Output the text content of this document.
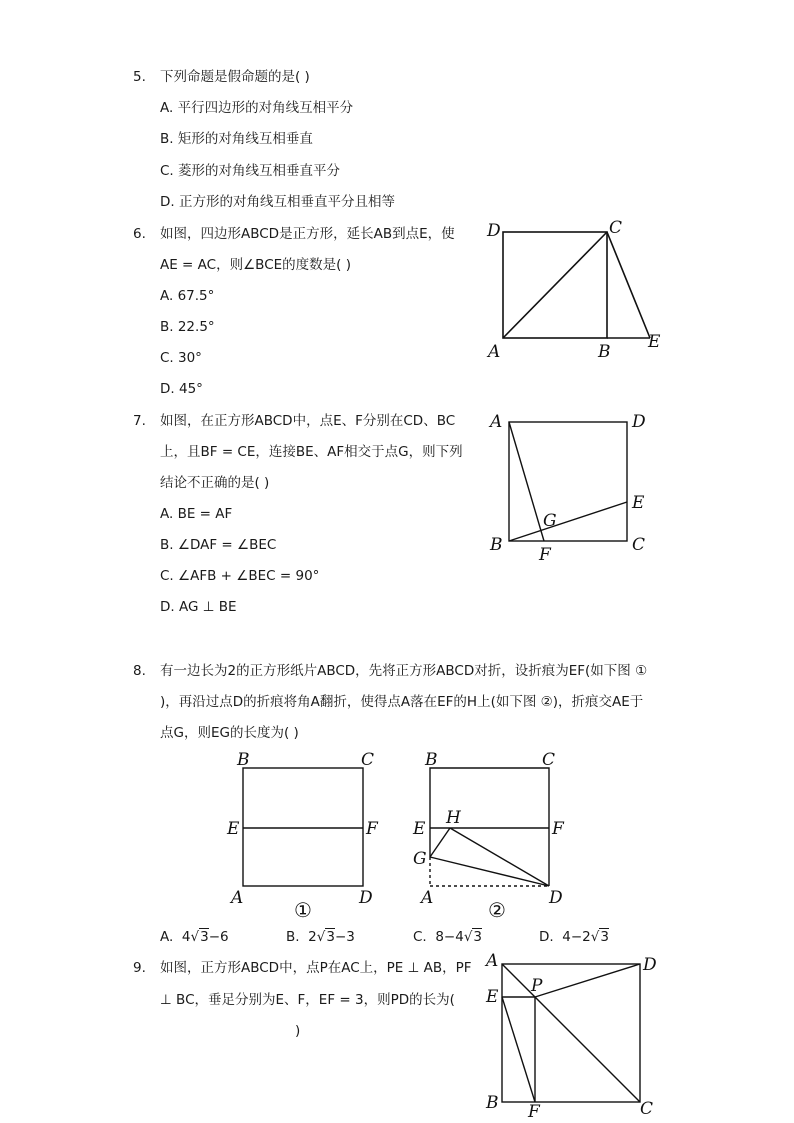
5. 下列命题是假命题的是( )
A. 平行四边形的对角线互相平分
B. 矩形的对角线互相垂直
C. 菱形的对角线互相垂直平分
D. 正方形的对角线互相垂直平分且相等
6. 如图，四边形ABCD是正方形，延长AB到点E，使
AE = AC，则∠BCE的度数是( )
A. 67.5°
B. 22.5°
C. 30°
D. 45°
D	C
A	B E
7. 如图，在正方形ABCD中，点E、F分别在CD、BC
上，且BF = CE，连接BE、AF相交于点G，则下列
结论不正确的是( )
A. BE = AF
B. ∠DAF = ∠BEC
C. ∠AFB + ∠BEC = 90°
D. AG ⊥ BE
A	D
E
G
B F	C
8. 有一边长为2的正方形纸片ABCD，先将正方形ABCD对折，设折痕为EF(如下图 ①
)，再沿过点D的折痕将角A翻折，使得点A落在EF的H上(如下图 ②)，折痕交AE于
点G，则EG的长度为( )
B	C
E	F
A	D
①
B	C
H
E	F
G
A	D
②
A. 4√3−6	B. 2√3−3	C. 8−4√3	D. 4−2√3
9. 如图，正方形ABCD中，点P在AC上，PE ⊥ AB，PF
⊥ BC，垂足分别为E、F，EF = 3，则PD的长为(
)
A	D
P
E
B F	C
